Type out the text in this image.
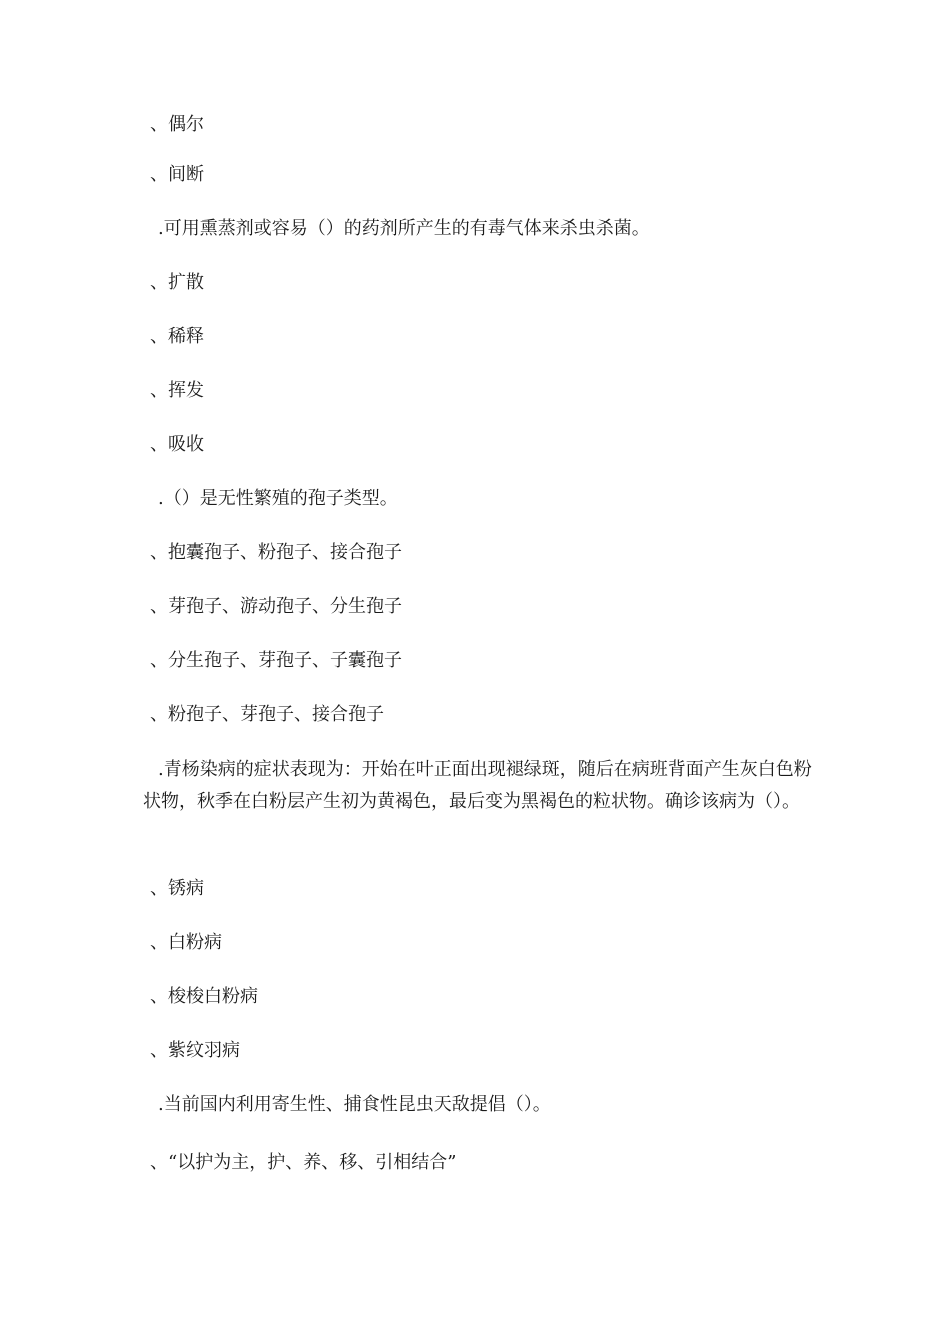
、偶尔
、间断
.可用熏蒸剂或容易（）的药剂所产生的有毒气体来杀虫杀菌。
、扩散
、稀释
、挥发
、吸收
.（）是无性繁殖的孢子类型。
、抱囊孢子、粉孢子、接合孢子
、芽孢子、游动孢子、分生孢子
、分生孢子、芽孢子、子囊孢子
、粉孢子、芽孢子、接合孢子
.青杨染病的症状表现为：开始在叶正面出现褪绿斑，随后在病班背面产生灰白色粉状物，秋季在白粉层产生初为黄褐色，最后变为黑褐色的粒状物。确诊该病为（）。
、锈病
、白粉病
、梭梭白粉病
、紫纹羽病
.当前国内利用寄生性、捕食性昆虫天敌提倡（）。
、“以护为主，护、养、移、引相结合”
